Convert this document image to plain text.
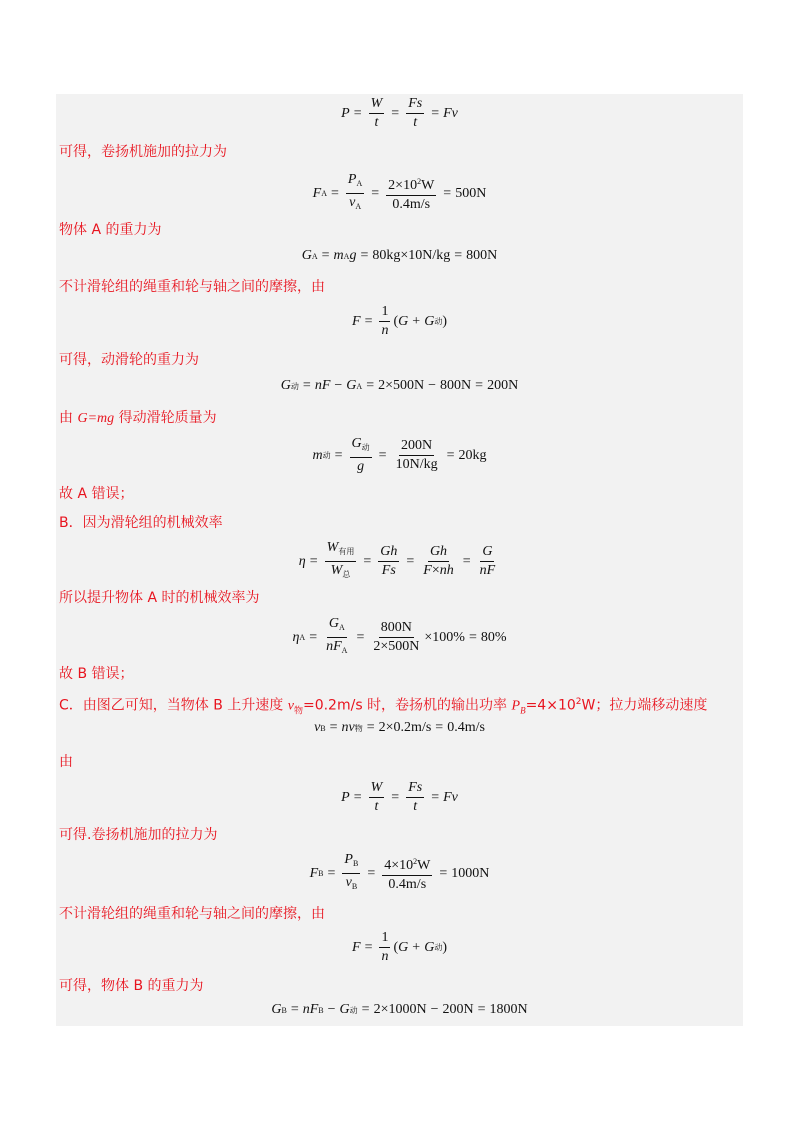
$P = \frac{W}{t} = \frac{Fs}{t} = Fv$
可得，卷扬机施加的拉力为
F $A = \frac{P_A}{v_A} = \frac{2\times 10^2W}{0.4m/s} = 500N$
物体 A 的重力为
G A = m A g = 80kg×10N/kg = 800N
不计滑轮组的绳重和轮与轴之间的摩擦，由
$F = \frac{1}{n}$ ( G + G 动 )
可得，动滑轮的重力为
G 动 = nF − G A = 2×500N − 800N = 200N
由 G=mg 得动滑轮质量为
m 动 = $\frac{G_动}{g} = \frac{200N}{10N/kg} = 20kg$
故 A 错误；
B．因为滑轮组的机械效率
$\eta = \frac{W_{有用}}{W_总} = \frac{Gh}{Fs} = \frac{Gh}{F\times nh} = \frac{G}{nF}$
所以提升物体 A 时的机械效率为
η $A = \frac{G_A}{nF_A} = \frac{800N}{2\times 500N} \times 100\% = 80\%$
故 B 错误；
C．由图乙可知，当物体 B 上升速度 $v_物=0.2m/s$ 时，卷扬机的输出功率 $P_B=4\times 10^2W$；拉力端移动速度
v B = nv 物 = 2×0.2m/s = 0.4m/s
由
$P = \frac{W}{t} = \frac{Fs}{t} = Fv$
可得.卷扬机施加的拉力为
F $B = \frac{P_B}{v_B} = \frac{4\times 10^2W}{0.4m/s} = 1000N$
不计滑轮组的绳重和轮与轴之间的摩擦，由
$F = \frac{1}{n}$ ( G + G 动 )
可得，物体 B 的重力为
G B = nF B − G 动 = 2×1000N − 200N = 1800N
